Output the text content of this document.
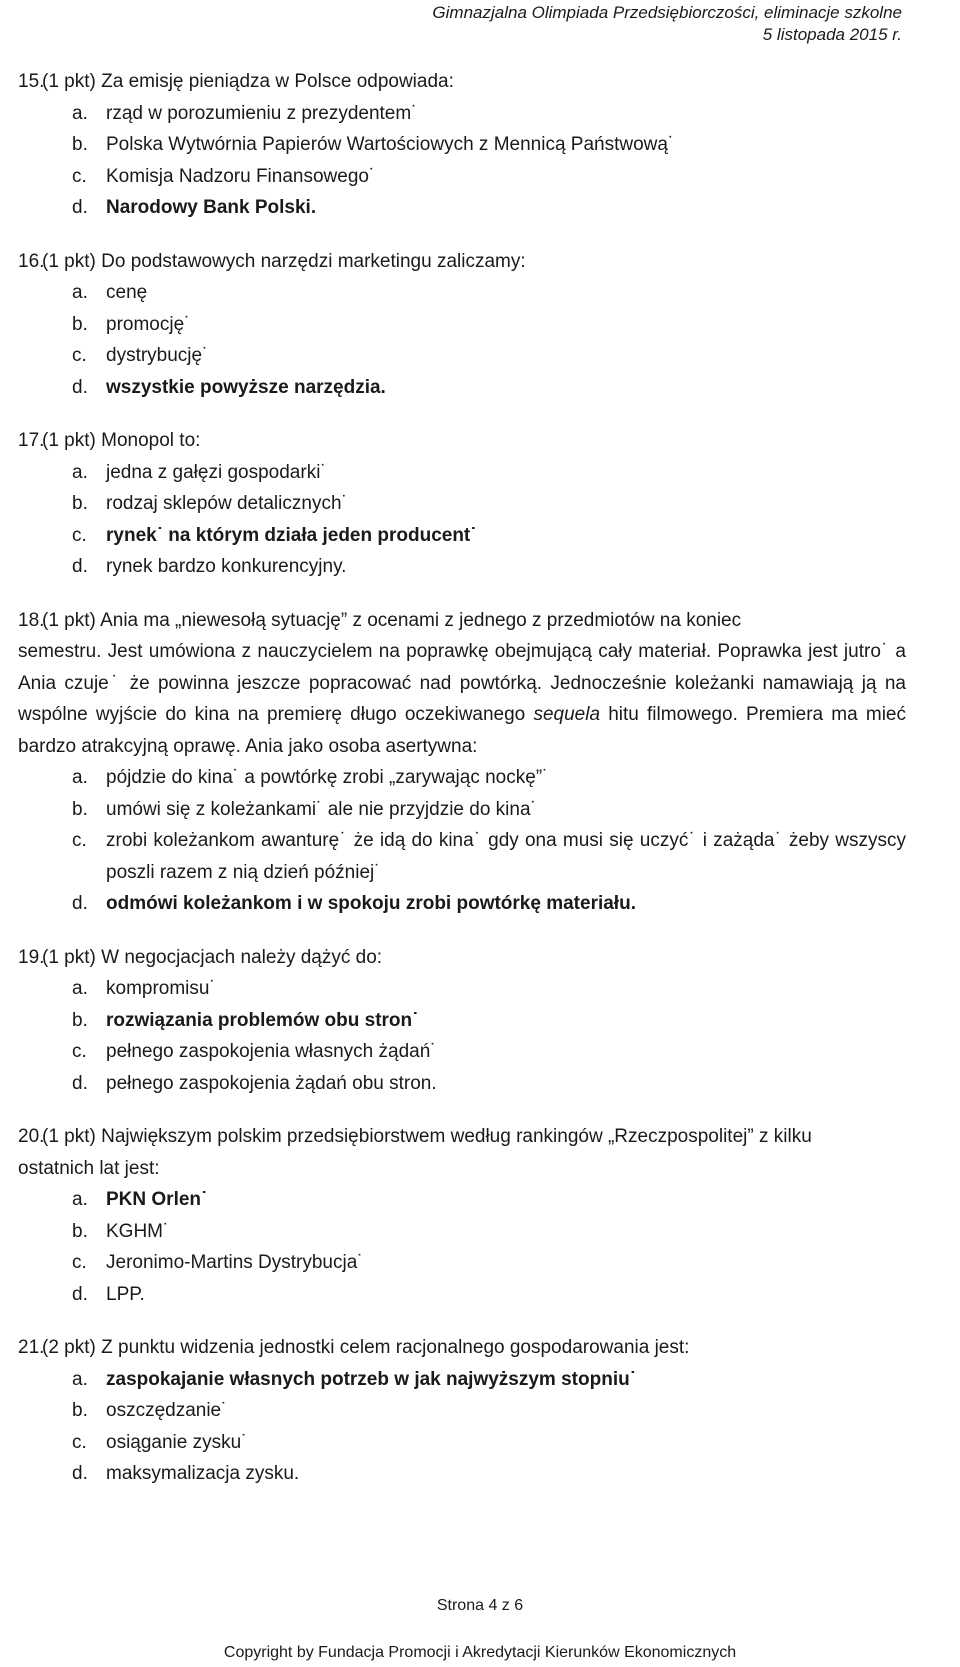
Gimnazjalna Olimpiada Przedsiębiorczości, eliminacje szkolne
5 listopada 2015 r.
15.
(1 pkt) Za emisję pieniądza w Polsce odpowiada:
a. rząd w porozumieniu z prezydentem˙
b. Polska Wytwórnia Papierów Wartościowych z Mennicą Państwową˙
c.	Komisja Nadzoru Finansowego˙
d. Narodowy Bank Polski.
16.
(1 pkt) Do podstawowych narzędzi marketingu zaliczamy:
a. cenę
b. promocję˙
c.	dystrybucję˙
d. wszystkie powyższe narzędzia.
17.
(1 pkt) Monopol to:
a. jedna z gałęzi gospodarki˙
b. rodzaj sklepów detalicznych˙
c.	rynek˙ na którym działa jeden producent˙
d. rynek bardzo konkurencyjny.
18.
(1 pkt) Ania ma „niewesołą sytuację” z ocenami z jednego z przedmiotów na koniec
semestru. Jest umówiona z nauczycielem na poprawkę obejmującą cały materiał. Poprawka jest jutro˙ a Ania czuje˙ że powinna jeszcze popracować nad powtórką. Jednocześnie koleżanki namawiają ją na wspólne wyjście do kina na premierę długo oczekiwanego sequela hitu filmowego. Premiera ma mieć bardzo atrakcyjną oprawę. Ania jako osoba asertywna:
a. pójdzie do kina˙ a powtórkę zrobi „zarywając nockę”˙
b. umówi się z koleżankami˙ ale nie przyjdzie do kina˙
c.	zrobi koleżankom awanturę˙ że idą do kina˙ gdy ona musi się uczyć˙ i zażąda˙ żeby wszyscy poszli razem z nią dzień później˙
d. odmówi koleżankom i w spokoju zrobi powtórkę materiału.
19.
(1 pkt) W negocjacjach należy dążyć do:
a. kompromisu˙
b. rozwiązania problemów obu stron˙
c.	pełnego zaspokojenia własnych żądań˙
d. pełnego zaspokojenia żądań obu stron.
20.
(1 pkt) Największym polskim przedsiębiorstwem według rankingów „Rzeczpospolitej” z kilku
ostatnich lat jest:
a. PKN Orlen˙
b. KGHM˙
c.	Jeronimo-Martins Dystrybucja˙
d. LPP.
21.
(2 pkt) Z punktu widzenia jednostki celem racjonalnego gospodarowania jest:
a. zaspokajanie własnych potrzeb w jak najwyższym stopniu˙
b. oszczędzanie˙
c.	osiąganie zysku˙
d. maksymalizacja zysku.
Strona 4 z 6
Copyright by Fundacja Promocji i Akredytacji Kierunków Ekonomicznych
